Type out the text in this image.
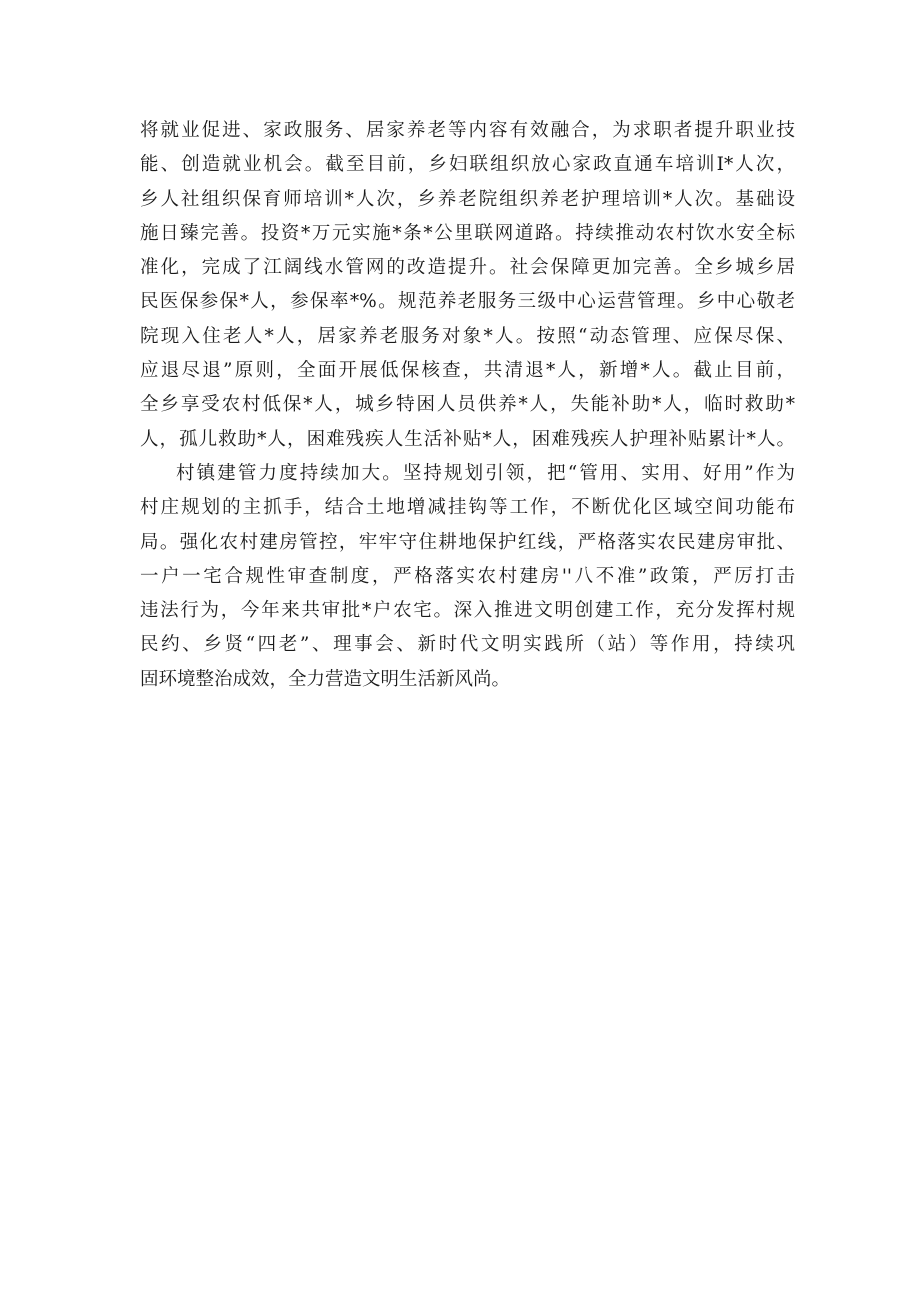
将就业促进、家政服务、居家养老等内容有效融合，为求职者提升职业技
能、创造就业机会。截至目前，乡妇联组织放心家政直通车培训I*人次，
乡人社组织保育师培训*人次，乡养老院组织养老护理培训*人次。基础设
施日臻完善。投资*万元实施*条*公里联网道路。持续推动农村饮水安全标
准化，完成了江阔线水管网的改造提升。社会保障更加完善。全乡城乡居
民医保参保*人，参保率*%。规范养老服务三级中心运营管理。乡中心敬老
院现入住老人*人，居家养老服务对象*人。按照“动态管理、应保尽保、
应退尽退”原则，全面开展低保核查，共清退*人，新增*人。截止目前，
全乡享受农村低保*人，城乡特困人员供养*人，失能补助*人，临时救助*
人，孤儿救助*人，困难残疾人生活补贴*人，困难残疾人护理补贴累计*人。
村镇建管力度持续加大。坚持规划引领，把“管用、实用、好用”作为
村庄规划的主抓手，结合土地增减挂钩等工作，不断优化区域空间功能布
局。强化农村建房管控，牢牢守住耕地保护红线，严格落实农民建房审批、
一户一宅合规性审查制度，严格落实农村建房''八不准”政策，严厉打击
违法行为，今年来共审批*户农宅。深入推进文明创建工作，充分发挥村规
民约、乡贤“四老”、理事会、新时代文明实践所（站）等作用，持续巩
固环境整治成效，全力营造文明生活新风尚。
